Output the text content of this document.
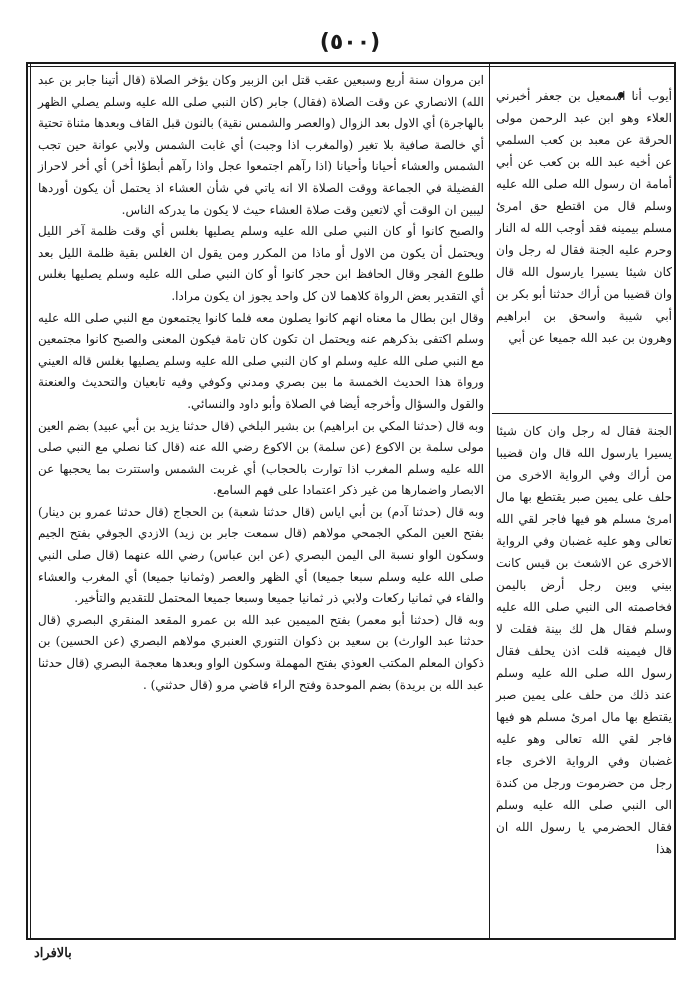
(٥٠٠)

ابن مروان سنة أربع وسبعين عقب قتل ابن الزبير وكان يؤخر الصلاة (قال أتينا جابر بن عبد الله) الانصاري عن وقت الصلاة (فقال) جابر (كان النبي صلى الله عليه وسلم يصلي الظهر بالهاجرة) أي الاول بعد الزوال (والعصر والشمس نقية) بالنون قبل القاف وبعدها مثناة تحتية أي خالصة صافية بلا تغير (والمغرب اذا وجبت) أي غابت الشمس ولابي عوانة حين تجب الشمس والعشاء أحيانا وأحيانا (اذا رآهم اجتمعوا عجل واذا رآهم أبطؤا أخر) أي أخر لاحراز الفضيلة في الجماعة ووقت الصلاة الا انه ياتي في شأن العشاء اذ يحتمل أن يكون أوردها ليبين ان الوقت أي لاتعين وقت صلاة العشاء حيث لا يكون ما يدركه الناس.

والصبح كانوا أو كان النبي صلى الله عليه وسلم يصليها بغلس أي وقت ظلمة آخر الليل ويحتمل أن يكون من الاول أو ماذا من المكرر ومن يقول ان الغلس بقية ظلمة الليل بعد طلوع الفجر وقال الحافظ ابن حجر كانوا أو كان النبي صلى الله عليه وسلم يصليها بغلس أي التقدير بعض الرواة كلاهما لان كل واحد يجوز ان يكون مرادا.

وقال ابن بطال ما معناه انهم كانوا يصلون معه فلما كانوا يجتمعون مع النبي صلى الله عليه وسلم اكتفى بذكرهم عنه ويحتمل ان تكون كان تامة فيكون المعنى والصبح كانوا مجتمعين مع النبي صلى الله عليه وسلم او كان النبي صلى الله عليه وسلم يصليها بغلس قاله العيني ورواة هذا الحديث الخمسة ما بين بصري ومدني وكوفي وفيه تابعيان والتحديث والعنعنة والقول والسؤال وأخرجه أيضا في الصلاة وأبو داود والنسائي.

وبه قال (حدثنا المكي بن ابراهيم) بن بشير البلخي (قال حدثنا يزيد بن أبي عبيد) بضم العين مولى سلمة بن الاكوع (عن سلمة) بن الاكوع رضي الله عنه (قال كنا نصلي مع النبي صلى الله عليه وسلم المغرب اذا توارت بالحجاب) أي غربت الشمس واستترت بما يحجبها عن الابصار واضمارها من غير ذكر اعتمادا على فهم السامع.

وبه قال (حدثنا آدم) بن أبي اياس (قال حدثنا شعبة) بن الحجاج (قال حدثنا عمرو بن دينار) بفتح العين المكي الجمحي مولاهم (قال سمعت جابر بن زيد) الازدي الجوفي بفتح الجيم وسكون الواو نسبة الى اليمن البصري (عن ابن عباس) رضي الله عنهما (قال صلى النبي صلى الله عليه وسلم سبعا جميعا) أي الظهر والعصر (وثمانيا جميعا) أي المغرب والعشاء والفاء في ثمانيا ركعات ولابي ذر ثمانيا جميعا وسبعا جميعا المحتمل للتقديم والتأخير.

وبه قال (حدثنا أبو معمر) بفتح الميمين عبد الله بن عمرو المقعد المنقري البصري (قال حدثنا عبد الوارث) بن سعيد بن ذكوان التنوري العنبري مولاهم البصري (عن الحسين) بن ذكوان المعلم المكتب العوذي بفتح المهملة وسكون الواو وبعدها معجمة البصري (قال حدثنا عبد الله بن بريدة) بضم الموحدة وفتح الراء قاضي مرو (قال حدثني) .

أيوب أنا اسمعيل بن جعفر أخبرني العلاء وهو ابن عبد الرحمن مولى الحرقة عن معبد بن كعب السلمي عن أخيه عبد الله بن كعب عن أبي أمامة ان رسول الله صلى الله عليه وسلم قال من اقتطع حق امرئ مسلم بيمينه فقد أوجب الله له النار وحرم عليه الجنة فقال له رجل وان كان شيئا يسيرا يارسول الله قال وان قضيبا من أراك حدثنا أبو بكر بن أبي شيبة واسحق بن ابراهيم وهرون بن عبد الله جميعا عن أبي

الجنة فقال له رجل وان كان شيئا يسيرا يارسول الله قال وان قضيبا من أراك وفي الرواية الاخرى من حلف على يمين صبر يقتطع بها مال امرئ مسلم هو فيها فاجر لقي الله تعالى وهو عليه غضبان وفي الرواية الاخرى عن الاشعث بن قيس كانت بيني وبين رجل أرض باليمن فخاصمته الى النبي صلى الله عليه وسلم فقال هل لك بينة فقلت لا قال فيمينه قلت اذن يحلف فقال رسول الله صلى الله عليه وسلم عند ذلك من حلف على يمين صبر يقتطع بها مال امرئ مسلم هو فيها فاجر لقي الله تعالى وهو عليه غضبان وفي الرواية الاخرى جاء رجل من حضرموت ورجل من كندة الى النبي صلى الله عليه وسلم فقال الحضرمي يا رسول الله ان هذا

بالافراد
